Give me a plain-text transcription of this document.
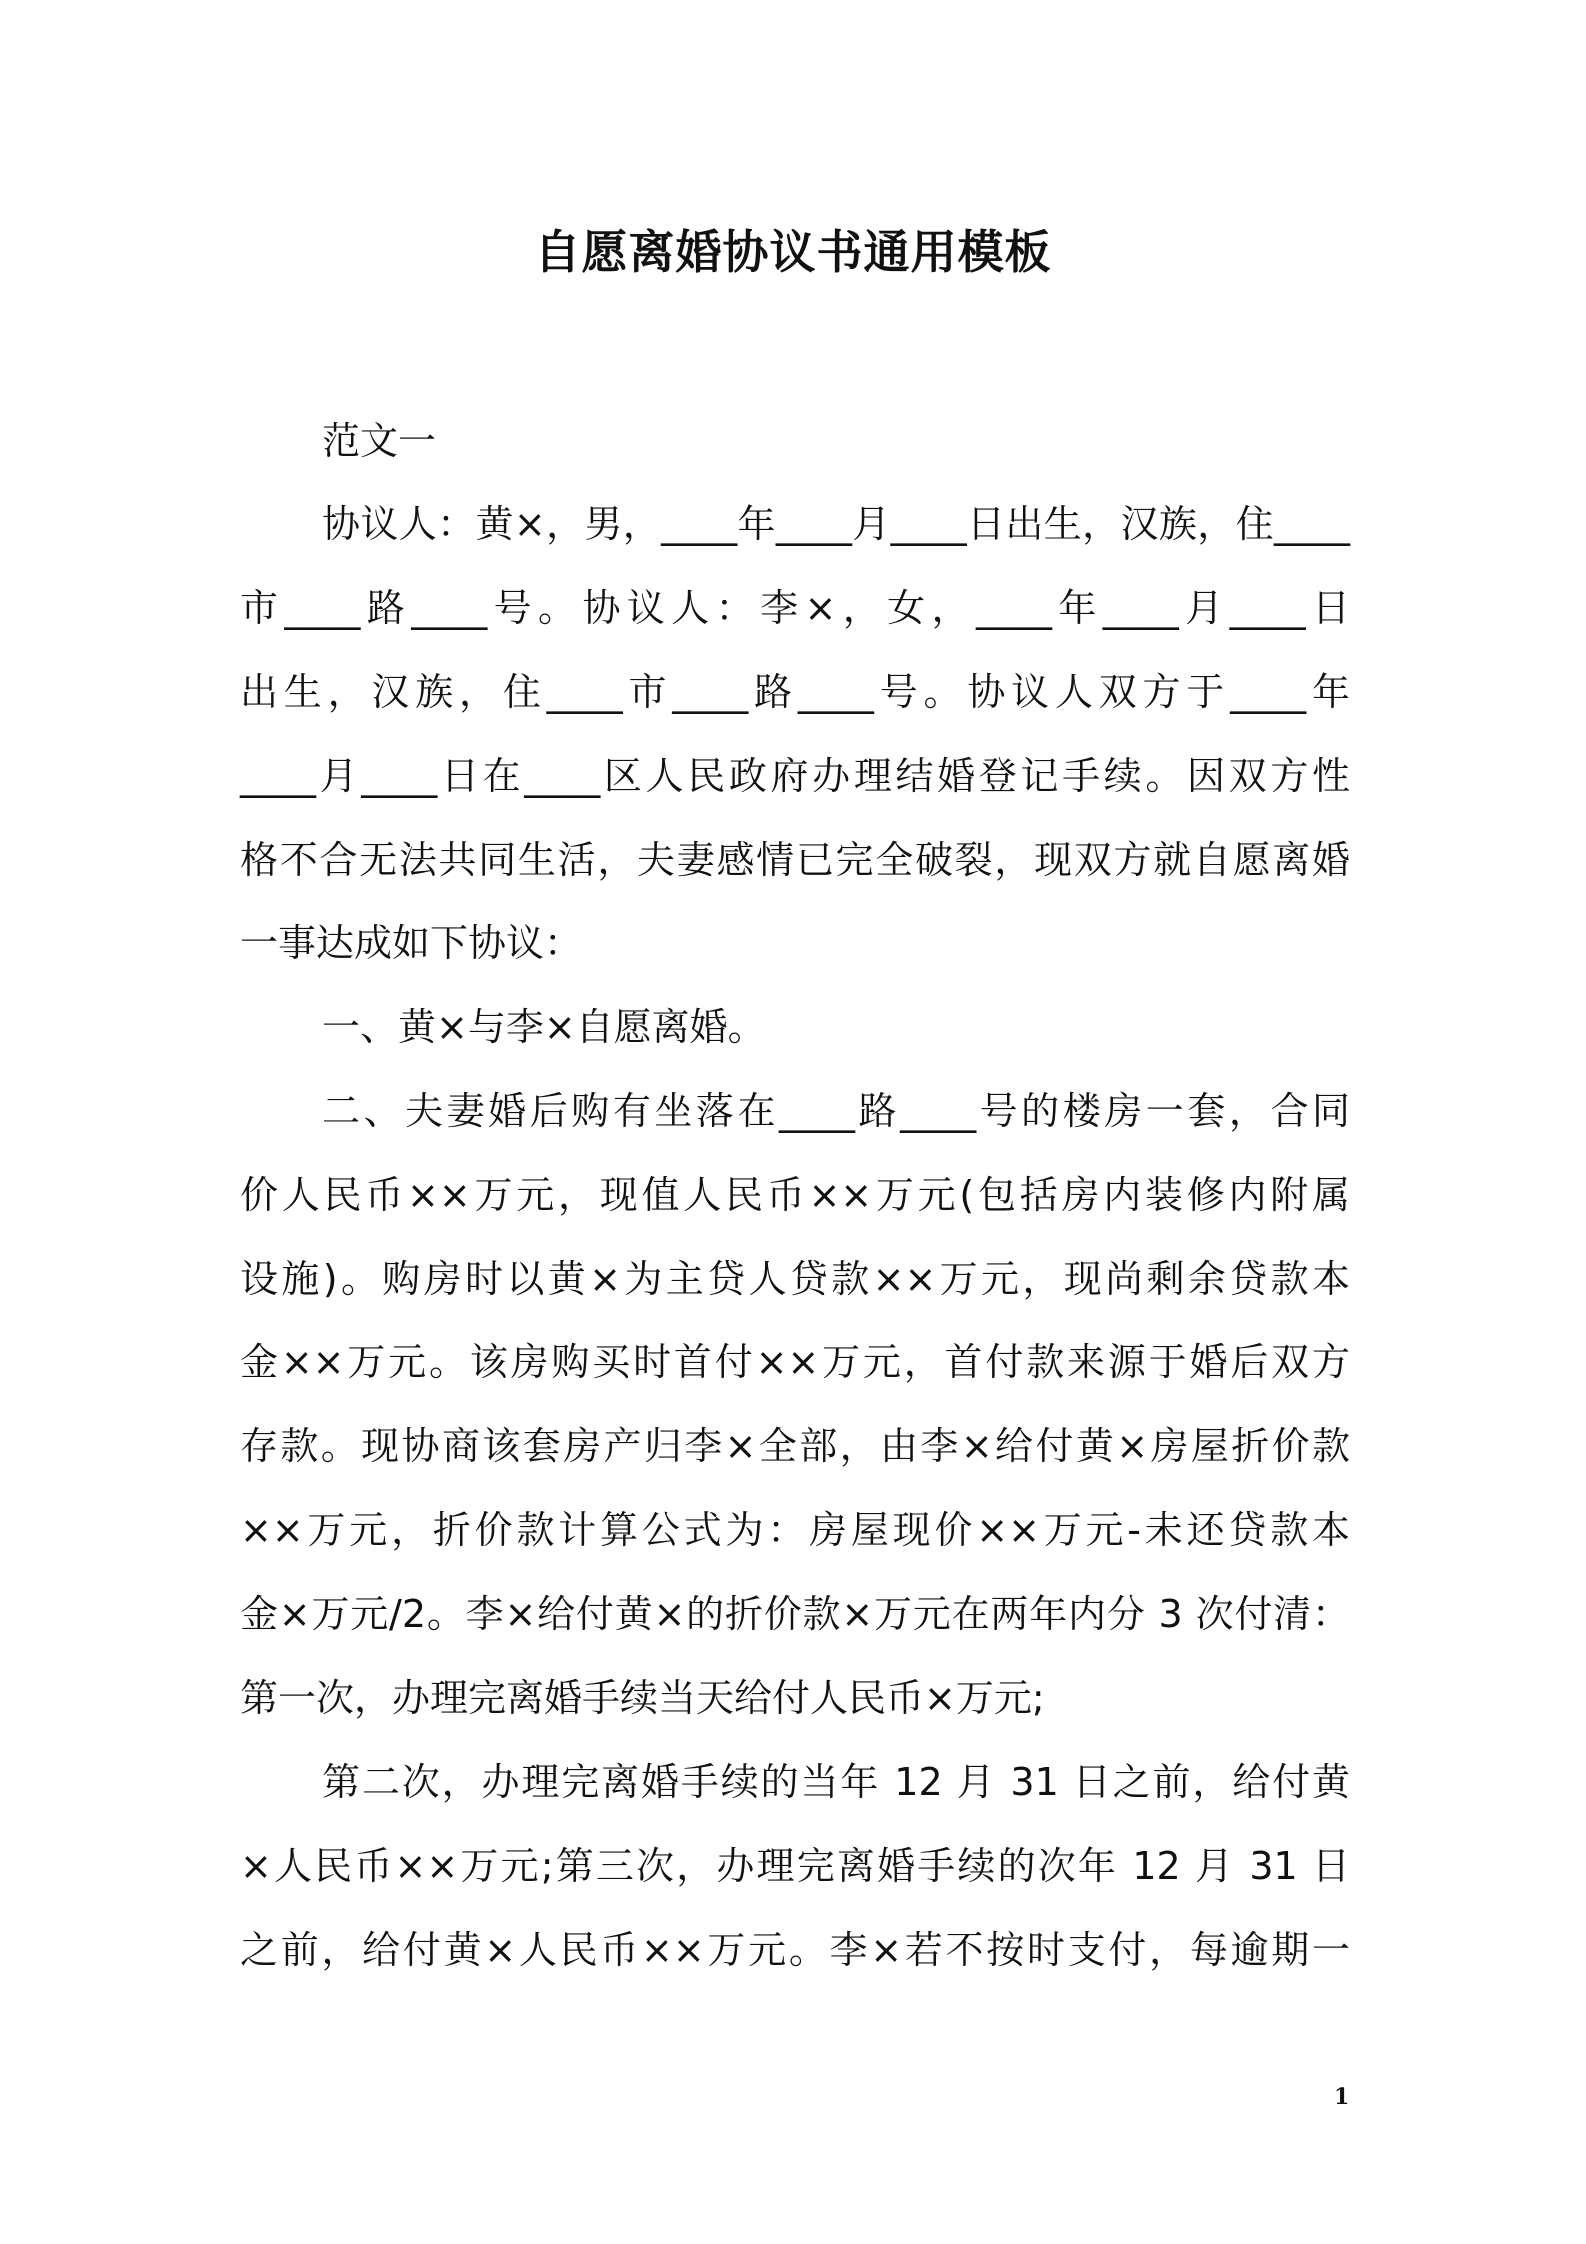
自愿离婚协议书通用模板
范文一
协议人：黄×，男，____年____月____日出生，汉族，住____
市____路____号。协议人：李×，女，____年____月____日
出生，汉族，住____市____路____号。协议人双方于____年
____月____日在____区人民政府办理结婚登记手续。因双方性
格不合无法共同生活，夫妻感情已完全破裂，现双方就自愿离婚
一事达成如下协议：
一、黄×与李×自愿离婚。
二、夫妻婚后购有坐落在____路____号的楼房一套，合同
价人民币××万元，现值人民币××万元(包括房内装修内附属
设施)。购房时以黄×为主贷人贷款××万元，现尚剩余贷款本
金××万元。该房购买时首付××万元，首付款来源于婚后双方
存款。现协商该套房产归李×全部，由李×给付黄×房屋折价款
××万元，折价款计算公式为：房屋现价××万元-未还贷款本
金×万元/2。李×给付黄×的折价款×万元在两年内分 3 次付清：
第一次，办理完离婚手续当天给付人民币×万元;
第二次，办理完离婚手续的当年 12 月 31 日之前，给付黄
×人民币××万元;第三次，办理完离婚手续的次年 12 月 31 日
之前，给付黄×人民币××万元。李×若不按时支付，每逾期一
1
